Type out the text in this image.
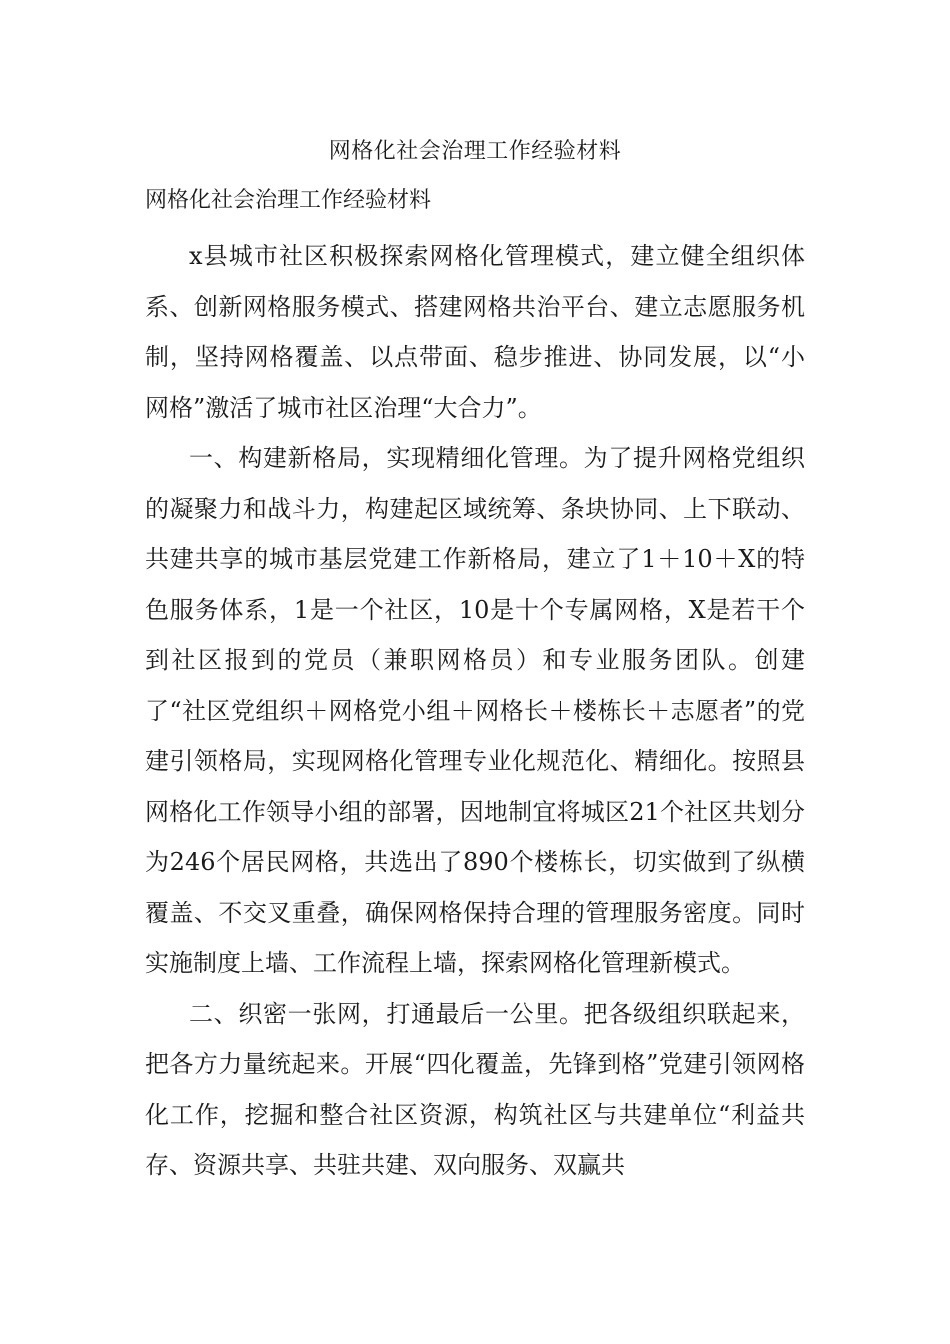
网格化社会治理工作经验材料
网格化社会治理工作经验材料

x县城市社区积极探索网格化管理模式，建立健全组织体系、创新网格服务模式、搭建网格共治平台、建立志愿服务机制，坚持网格覆盖、以点带面、稳步推进、协同发展，以“小网格”激活了城市社区治理“大合力”。

一、构建新格局，实现精细化管理。为了提升网格党组织的凝聚力和战斗力，构建起区域统筹、条块协同、上下联动、共建共享的城市基层党建工作新格局，建立了1＋10＋X的特色服务体系，1是一个社区，10是十个专属网格，X是若干个到社区报到的党员（兼职网格员）和专业服务团队。创建了“社区党组织＋网格党小组＋网格长＋楼栋长＋志愿者”的党建引领格局，实现网格化管理专业化规范化、精细化。按照县网格化工作领导小组的部署，因地制宜将城区21个社区共划分为246个居民网格，共选出了890个楼栋长，切实做到了纵横覆盖、不交叉重叠，确保网格保持合理的管理服务密度。同时实施制度上墙、工作流程上墙，探索网格化管理新模式。

二、织密一张网，打通最后一公里。把各级组织联起来，把各方力量统起来。开展“四化覆盖，先锋到格”党建引领网格化工作，挖掘和整合社区资源，构筑社区与共建单位“利益共存、资源共享、共驻共建、双向服务、双赢共
